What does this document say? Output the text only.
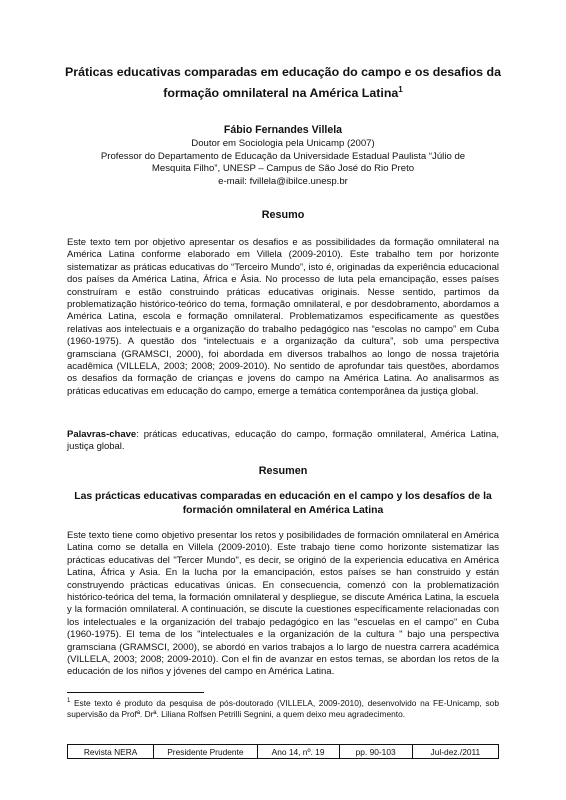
Práticas educativas comparadas em educação do campo e os desafios da formação omnilateral na América Latina$^1$
Fábio Fernandes Villela
Doutor em Sociologia pela Unicamp (2007)
Professor do Departamento de Educação da Universidade Estadual Paulista “Júlio de
Mesquita Filho”, UNESP – Campus de São José do Rio Preto
e-mail: fvillela@ibilce.unesp.br
Resumo

Este texto tem por objetivo apresentar os desafios e as possibilidades da formação omnilateral na América Latina conforme elaborado em Villela (2009-2010). Este trabalho tem por horizonte sistematizar as práticas educativas do “Terceiro Mundo”, isto é, originadas da experiência educacional dos países da América Latina, África e Ásia. No processo de luta pela emancipação, esses países construíram e estão construindo práticas educativas originais. Nesse sentido, partimos da problematização histórico-teórico do tema, formação omnilateral, e por desdobramento, abordamos a América Latina, escola e formação omnilateral. Problematizamos especificamente as questões relativas aos intelectuais e a organização do trabalho pedagógico nas “escolas no campo” em Cuba (1960-1975). A questão dos “intelectuais e a organização da cultura”, sob uma perspectiva gramsciana (GRAMSCI, 2000), foi abordada em diversos trabalhos ao longo de nossa trajetória acadêmica (VILLELA, 2003; 2008; 2009-2010). No sentido de aprofundar tais questões, abordamos os desafios da formação de crianças e jovens do campo na América Latina. Ao analisarmos as práticas educativas em educação do campo, emerge a temática contemporânea da justiça global.

Palavras-chave: práticas educativas, educação do campo, formação omnilateral, América Latina, justiça global.

Resumen
Las prácticas educativas comparadas en educación en el campo y los desafíos de la formación omnilateral en América Latina

Este texto tiene como objetivo presentar los retos y posibilidades de formación omnilateral en América Latina como se detalla en Villela (2009-2010). Este trabajo tiene como horizonte sistematizar las prácticas educativas del "Tercer Mundo", es decir, se originó de la experiencia educativa en América Latina, África y Asia. En la lucha por la emancipación, estos países se han construido y están construyendo prácticas educativas únicas. En consecuencia, comenzó con la problematización histórico-teórica del tema, la formación omnilateral y despliegue, se discute América Latina, la escuela y la formación omnilateral. A continuación, se discute la cuestiones específicamente relacionadas con los intelectuales e la organización del trabajo pedagógico en las "escuelas en el campo" en Cuba (1960-1975). El tema de los "intelectuales e la organización de la cultura " bajo una perspectiva gramsciana (GRAMSCI, 2000), se abordó en varios trabajos a lo largo de nuestra carrera académica (VILLELA, 2003; 2008; 2009-2010). Con el fin de avanzar en estos temas, se abordan los retos de la educación de los niños y jóvenes del campo en América Latina.

$^1$ Este texto é produto da pesquisa de pós-doutorado (VILLELA, 2009-2010), desenvolvido na FE-Unicamp, sob supervisão da Profª. Drª. Liliana Rolfsen Petrilli Segnini, a quem deixo meu agradecimento.

Revista NERA	Presidente Prudente	Ano 14, nº. 19	pp. 90-103	Jul-dez./2011
